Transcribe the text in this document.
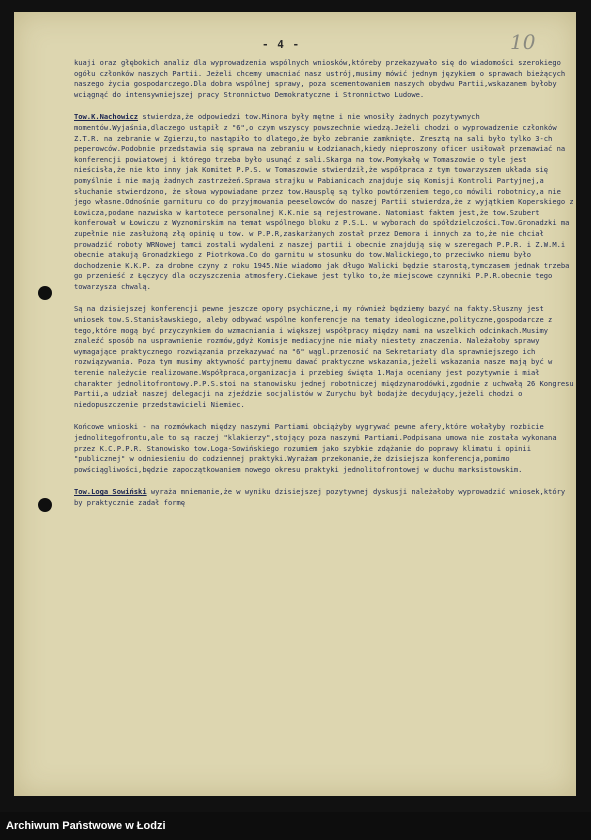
- 4 -	10

kuaji oraz głębokich analiz dla wyprowadzenia wspólnych wniosków,któreby przekazywało się do wiadomości szerokiego ogółu członków naszych Partii. Jeżeli chcemy umacniać nasz ustrój,musimy mówić jednym językiem o sprawach bieżących naszego życia gospodarczego.Dla dobra wspólnej sprawy, poza scementowaniem naszych obydwu Partii,wskazanem byłoby wciągnąć do intensywniejszej pracy Stronnictwo Demokratyczne i Stronnictwo Ludowe.

Tow.K.Nachowicz stwierdza,że odpowiedzi tow.Minora były mętne i nie wnosiły żadnych pozytywnych momentów.Wyjaśnia,dlaczego ustąpił z "6",o czym wszyscy powszechnie wiedzą.Jeżeli chodzi o wyprowadzenie członków Z.T.R. na zebranie w Zgierzu,to nastąpiło to dlatego,że było zebranie zamknięte. Zresztą na sali było tylko 3-ch peperowców.Podobnie przedstawia się sprawa na zebraniu w Łodzianach,kiedy nieproszony oficer usiłował przemawiać na konferencji powiatowej i którego trzeba było usunąć z sali.Skarga na tow.Pomykałę w Tomaszowie o tyle jest nieścisła,że nie kto inny jak Komitet P.P.S. w Tomaszowie stwierdził,że współpraca z tym towarzyszem układa się pomyślnie i nie mają żadnych zastrzeżeń.Sprawa strajku w Pabianicach znajduje się Komisji Kontroli Partyjnej,a słuchanie stwierdzono, że słowa wypowiadane przez tow.Hausplę są tylko powtórzeniem tego,co mówili robotnicy,a nie jego własne.Odnośnie garnituru co do przyjmowania peeselowców do naszej Partii stwierdza,że z wyjątkiem Koperskiego z Łowicza,podane nazwiska w kartotece personalnej K.K.nie są rejestrowane. Natomiast faktem jest,że tow.Szubert konferował w Łowiczu z Wyznomirskim na temat wspólnego bloku z P.S.L. w wyborach do spółdzielczości.Tow.Gronadzki ma zupełnie nie zasłużoną złą opinię u tow. w P.P.R,zaskarżanych został przez Demora i innych za to,że nie chciał prowadzić roboty WRNowej tamci zostali wydaleni z naszej partii i obecnie znajdują się w szeregach P.P.R. i Z.W.M.i obecnie atakują Gronadzkiego z Piotrkowa.Co do garnitu w stosunku do tow.Walickiego,to przeciwko niemu było dochodzenie K.K.P. za drobne czyny z roku 1945.Nie wiadomo jak długo Walicki będzie starostą,tymczasem jednak trzeba go przenieść z Łęczycy dla oczyszczenia atmosfery.Ciekawe jest tylko to,że miejscowe czynniki P.P.R.obecnie tego towarzysza chwalą.

Są na dzisiejszej konferencji pewne jeszcze opory psychiczne,i my również będziemy bazyć na fakty.Słuszny jest wniosek tow.S.Stanisławskiego, aleby odbywać wspólne konferencje na tematy ideologiczne,polityczne,gospodarcze z tego,które mogą być przyczynkiem do wzmacniania i większej współpracy między nami na wszelkich odcinkach.Musimy znaleźć sposób na usprawnienie rozmów,gdyż Komisje mediacyjne nie miały niestety znaczenia. Należałoby sprawy wymagające praktycznego rozwiązania przekazywać na "6" wągl.przenosić na Sekretariaty dla sprawniejszego ich rozwiązywania. Poza tym musimy aktywność partyjnemu dawać praktyczne wskazania,jeżeli wskazania nasze mają być w terenie należycie realizowane.Współpraca,organizacja i przebieg święta 1.Maja oceniany jest pozytywnie i miał charakter jednolitofrontowy.P.P.S.stoi na stanowisku jednej robotniczej międzynarodówki,zgodnie z uchwałą 26 Kongresu Partii,a udział naszej delegacji na zjeździe socjalistów w Zurychu był bodajże decydujący,jeżeli chodzi o niedopuszczenie przedstawicieli Niemiec.

Końcowe wnioski - na rozmówkach między naszymi Partiami obciążyby wygrywać pewne afery,które wołałyby rozbicie jednolitegofrontu,ale to są raczej "klakierzy",stojący poza naszymi Partiami.Podpisana umowa nie została wykonana przez K.C.P.P.R. Stanowisko tow.Loga-Sowińskiego rozumiem jako szybkie zdążanie do poprawy klimatu i opinii "publicznej" w odniesieniu do codziennej praktyki.Wyrażam przekonanie,że dzisiejsza konferencja,pomimo powściągliwości,będzie zapoczątkowaniem nowego okresu praktyki jednolitofrontowej w duchu marksistowskim.

Tow.Loga Sowiński wyraża mniemanie,że w wyniku dzisiejszej pozytywnej dyskusji należałoby wyprowadzić wniosek,który by praktycznie zadał formę

Archiwum Państwowe w Łodzi
